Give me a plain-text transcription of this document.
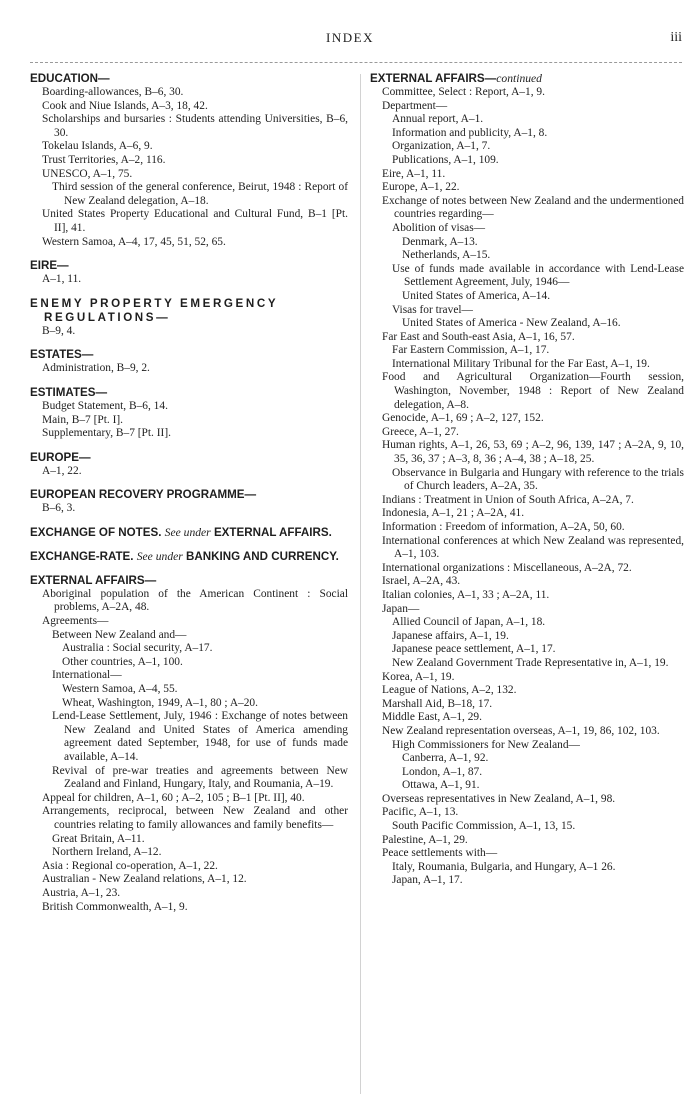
INDEX	iii
EDUCATION—
Boarding-allowances, B–6, 30.
Cook and Niue Islands, A–3, 18, 42.
Scholarships and bursaries : Students attending Universities, B–6, 30.
Tokelau Islands, A–6, 9.
Trust Territories, A–2, 116.
UNESCO, A–1, 75.
Third session of the general conference, Beirut, 1948 : Report of New Zealand delegation, A–18.
United States Property Educational and Cultural Fund, B–1 [Pt. II], 41.
Western Samoa, A–4, 17, 45, 51, 52, 65.
EIRE—
A–1, 11.
ENEMY PROPERTY EMERGENCY REGULATIONS—
B–9, 4.
ESTATES—
Administration, B–9, 2.
ESTIMATES—
Budget Statement, B–6, 14.
Main, B–7 [Pt. I].
Supplementary, B–7 [Pt. II].
EUROPE—
A–1, 22.
EUROPEAN RECOVERY PROGRAMME—
B–6, 3.
EXCHANGE OF NOTES. See under EXTERNAL AFFAIRS.
EXCHANGE-RATE. See under BANKING AND CURRENCY.
EXTERNAL AFFAIRS—
Aboriginal population of the American Continent : Social problems, A–2A, 48.
Agreements—
Between New Zealand and—
Australia : Social security, A–17.
Other countries, A–1, 100.
International—
Western Samoa, A–4, 55.
Wheat, Washington, 1949, A–1, 80 ; A–20.
Lend-Lease Settlement, July, 1946 : Exchange of notes between New Zealand and United States of America amending agreement dated September, 1948, for use of funds made available, A–14.
Revival of pre-war treaties and agreements between New Zealand and Finland, Hungary, Italy, and Roumania, A–19.
Appeal for children, A–1, 60 ; A–2, 105 ; B–1 [Pt. II], 40.
Arrangements, reciprocal, between New Zealand and other countries relating to family allowances and family benefits—
Great Britain, A–11.
Northern Ireland, A–12.
Asia : Regional co-operation, A–1, 22.
Australian - New Zealand relations, A–1, 12.
Austria, A–1, 23.
British Commonwealth, A–1, 9.
EXTERNAL AFFAIRS—continued
Committee, Select : Report, A–1, 9.
Department—
Annual report, A–1.
Information and publicity, A–1, 8.
Organization, A–1, 7.
Publications, A–1, 109.
Eire, A–1, 11.
Europe, A–1, 22.
Exchange of notes between New Zealand and the undermentioned countries regarding—
Abolition of visas—
Denmark, A–13.
Netherlands, A–15.
Use of funds made available in accordance with Lend-Lease Settlement Agreement, July, 1946—
United States of America, A–14.
Visas for travel—
United States of America - New Zealand, A–16.
Far East and South-east Asia, A–1, 16, 57.
Far Eastern Commission, A–1, 17.
International Military Tribunal for the Far East, A–1, 19.
Food and Agricultural Organization—Fourth session, Washington, November, 1948 : Report of New Zealand delegation, A–8.
Genocide, A–1, 69 ; A–2, 127, 152.
Greece, A–1, 27.
Human rights, A–1, 26, 53, 69 ; A–2, 96, 139, 147 ; A–2A, 9, 10, 35, 36, 37 ; A–3, 8, 36 ; A–4, 38 ; A–18, 25.
Observance in Bulgaria and Hungary with reference to the trials of Church leaders, A–2A, 35.
Indians : Treatment in Union of South Africa, A–2A, 7.
Indonesia, A–1, 21 ; A–2A, 41.
Information : Freedom of information, A–2A, 50, 60.
International conferences at which New Zealand was represented, A–1, 103.
International organizations : Miscellaneous, A–2A, 72.
Israel, A–2A, 43.
Italian colonies, A–1, 33 ; A–2A, 11.
Japan—
Allied Council of Japan, A–1, 18.
Japanese affairs, A–1, 19.
Japanese peace settlement, A–1, 17.
New Zealand Government Trade Representative in, A–1, 19.
Korea, A–1, 19.
League of Nations, A–2, 132.
Marshall Aid, B–18, 17.
Middle East, A–1, 29.
New Zealand representation overseas, A–1, 19, 86, 102, 103.
High Commissioners for New Zealand—
Canberra, A–1, 92.
London, A–1, 87.
Ottawa, A–1, 91.
Overseas representatives in New Zealand, A–1, 98.
Pacific, A–1, 13.
South Pacific Commission, A–1, 13, 15.
Palestine, A–1, 29.
Peace settlements with—
Italy, Roumania, Bulgaria, and Hungary, A–1 26.
Japan, A–1, 17.
